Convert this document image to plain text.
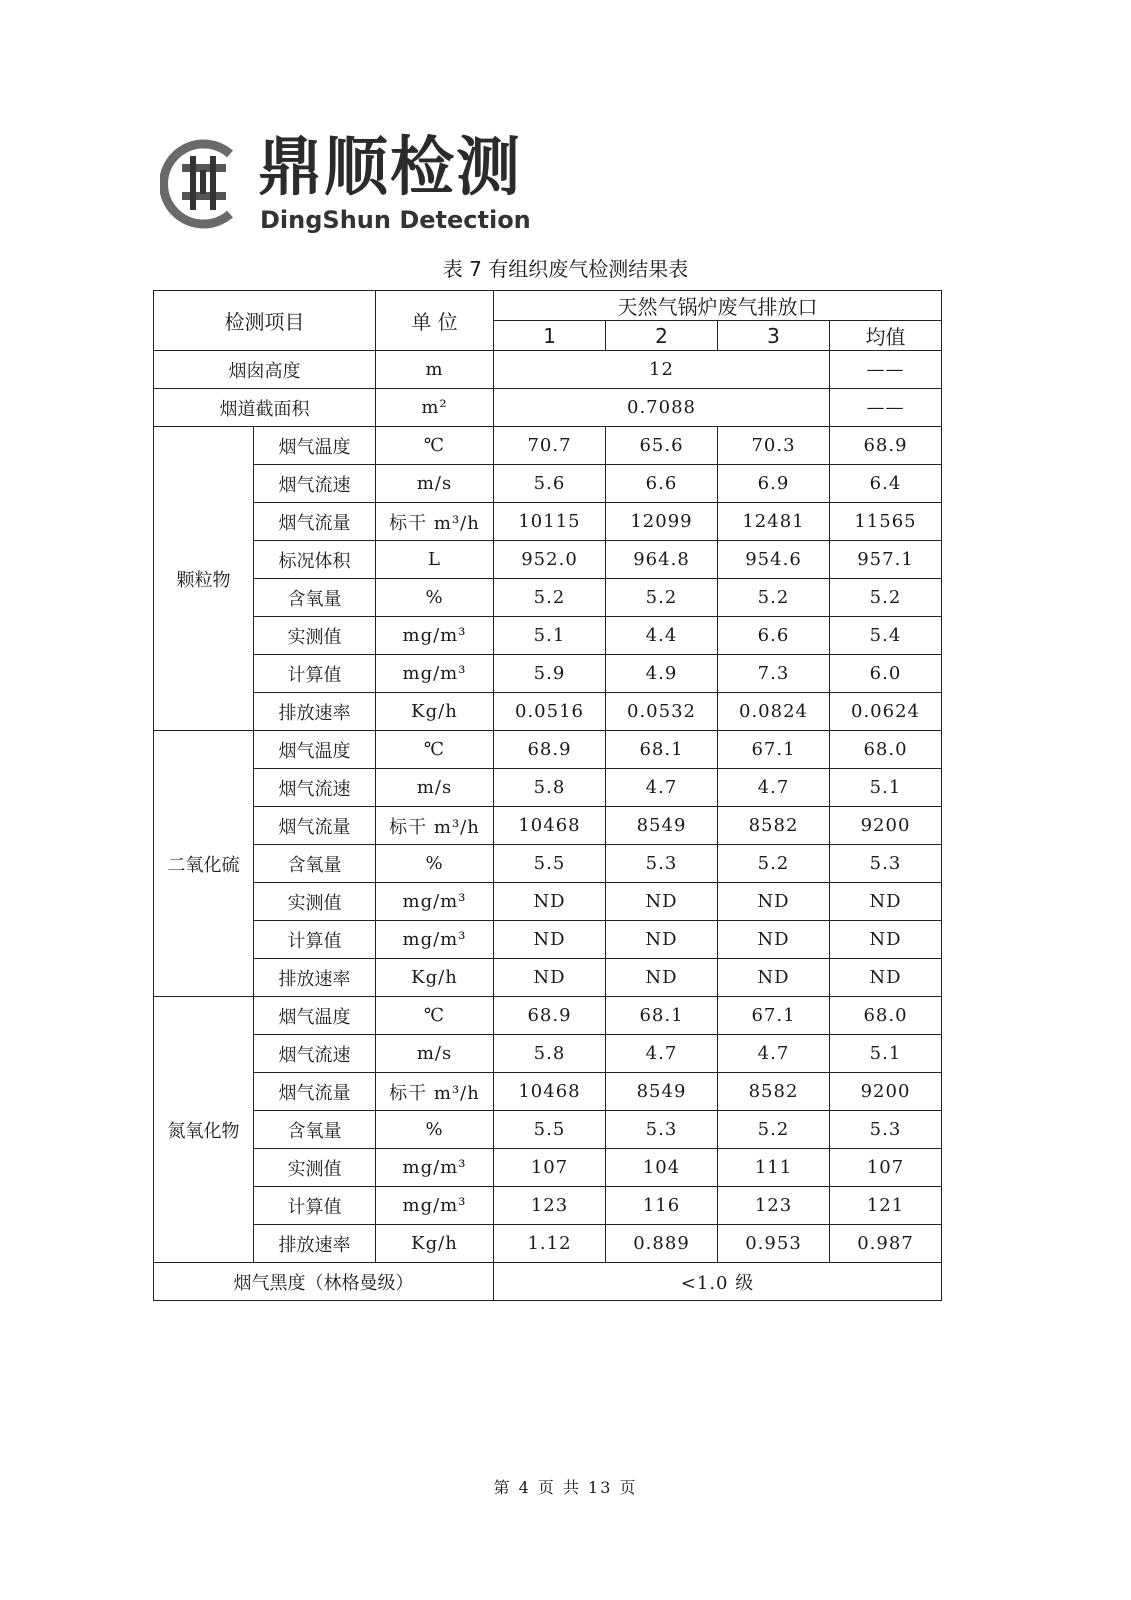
鼎顺检测
DingShun Detection
表 7 有组织废气检测结果表
检测项目		单 位	天然气锅炉废气排放口			
			1	2	3	均值
烟囱高度		m	12			——
烟道截面积		m²	0.7088			——
颗粒物	烟气温度	℃	70.7	65.6	70.3	68.9
	烟气流速	m/s	5.6	6.6	6.9	6.4
	烟气流量	标干 m³/h	10115	12099	12481	11565
	标况体积	L	952.0	964.8	954.6	957.1
	含氧量	%	5.2	5.2	5.2	5.2
	实测值	mg/m³	5.1	4.4	6.6	5.4
	计算值	mg/m³	5.9	4.9	7.3	6.0
	排放速率	Kg/h	0.0516	0.0532	0.0824	0.0624
二氧化硫	烟气温度	℃	68.9	68.1	67.1	68.0
	烟气流速	m/s	5.8	4.7	4.7	5.1
	烟气流量	标干 m³/h	10468	8549	8582	9200
	含氧量	%	5.5	5.3	5.2	5.3
	实测值	mg/m³	ND	ND	ND	ND
	计算值	mg/m³	ND	ND	ND	ND
	排放速率	Kg/h	ND	ND	ND	ND
氮氧化物	烟气温度	℃	68.9	68.1	67.1	68.0
	烟气流速	m/s	5.8	4.7	4.7	5.1
	烟气流量	标干 m³/h	10468	8549	8582	9200
	含氧量	%	5.5	5.3	5.2	5.3
	实测值	mg/m³	107	104	111	107
	计算值	mg/m³	123	116	123	121
	排放速率	Kg/h	1.12	0.889	0.953	0.987
烟气黑度（林格曼级）			<1.0 级			
第 4 页 共 13 页
